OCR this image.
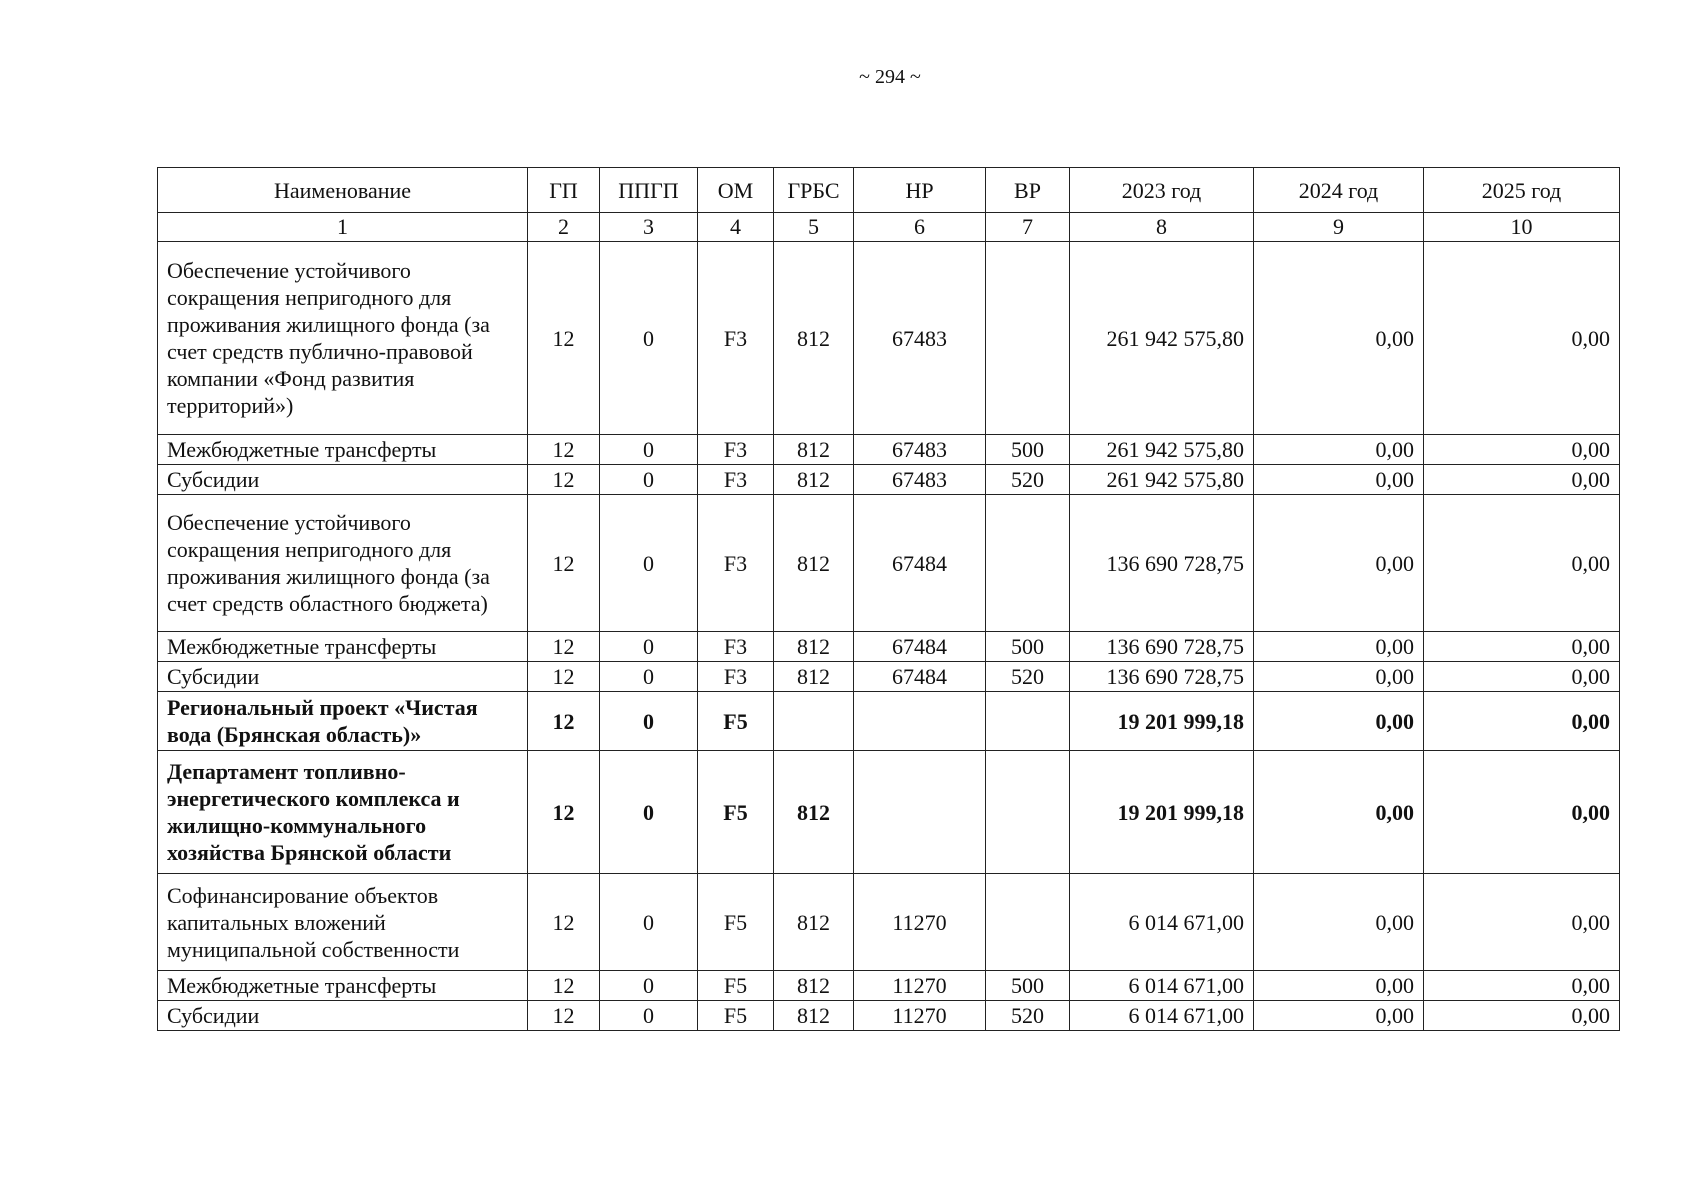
~ 294 ~
Наименование	ГП	ППГП	ОМ	ГРБС	НР	ВР	2023 год	2024 год	2025 год
1	2	3	4	5	6	7	8	9	10
Обеспечение устойчивого сокращения непригодного для проживания жилищного фонда (за счет средств публично-правовой компании «Фонд развития территорий»)	12	0	F3	812	67483		261 942 575,80	0,00	0,00
Межбюджетные трансферты	12	0	F3	812	67483	500	261 942 575,80	0,00	0,00
Субсидии	12	0	F3	812	67483	520	261 942 575,80	0,00	0,00
Обеспечение устойчивого сокращения непригодного для проживания жилищного фонда (за счет средств областного бюджета)	12	0	F3	812	67484		136 690 728,75	0,00	0,00
Межбюджетные трансферты	12	0	F3	812	67484	500	136 690 728,75	0,00	0,00
Субсидии	12	0	F3	812	67484	520	136 690 728,75	0,00	0,00
Региональный проект «Чистая вода (Брянская область)»	12	0	F5				19 201 999,18	0,00	0,00
Департамент топливно-энергетического комплекса и жилищно-коммунального хозяйства Брянской области	12	0	F5	812			19 201 999,18	0,00	0,00
Софинансирование объектов капитальных вложений муниципальной собственности	12	0	F5	812	11270		6 014 671,00	0,00	0,00
Межбюджетные трансферты	12	0	F5	812	11270	500	6 014 671,00	0,00	0,00
Субсидии	12	0	F5	812	11270	520	6 014 671,00	0,00	0,00
